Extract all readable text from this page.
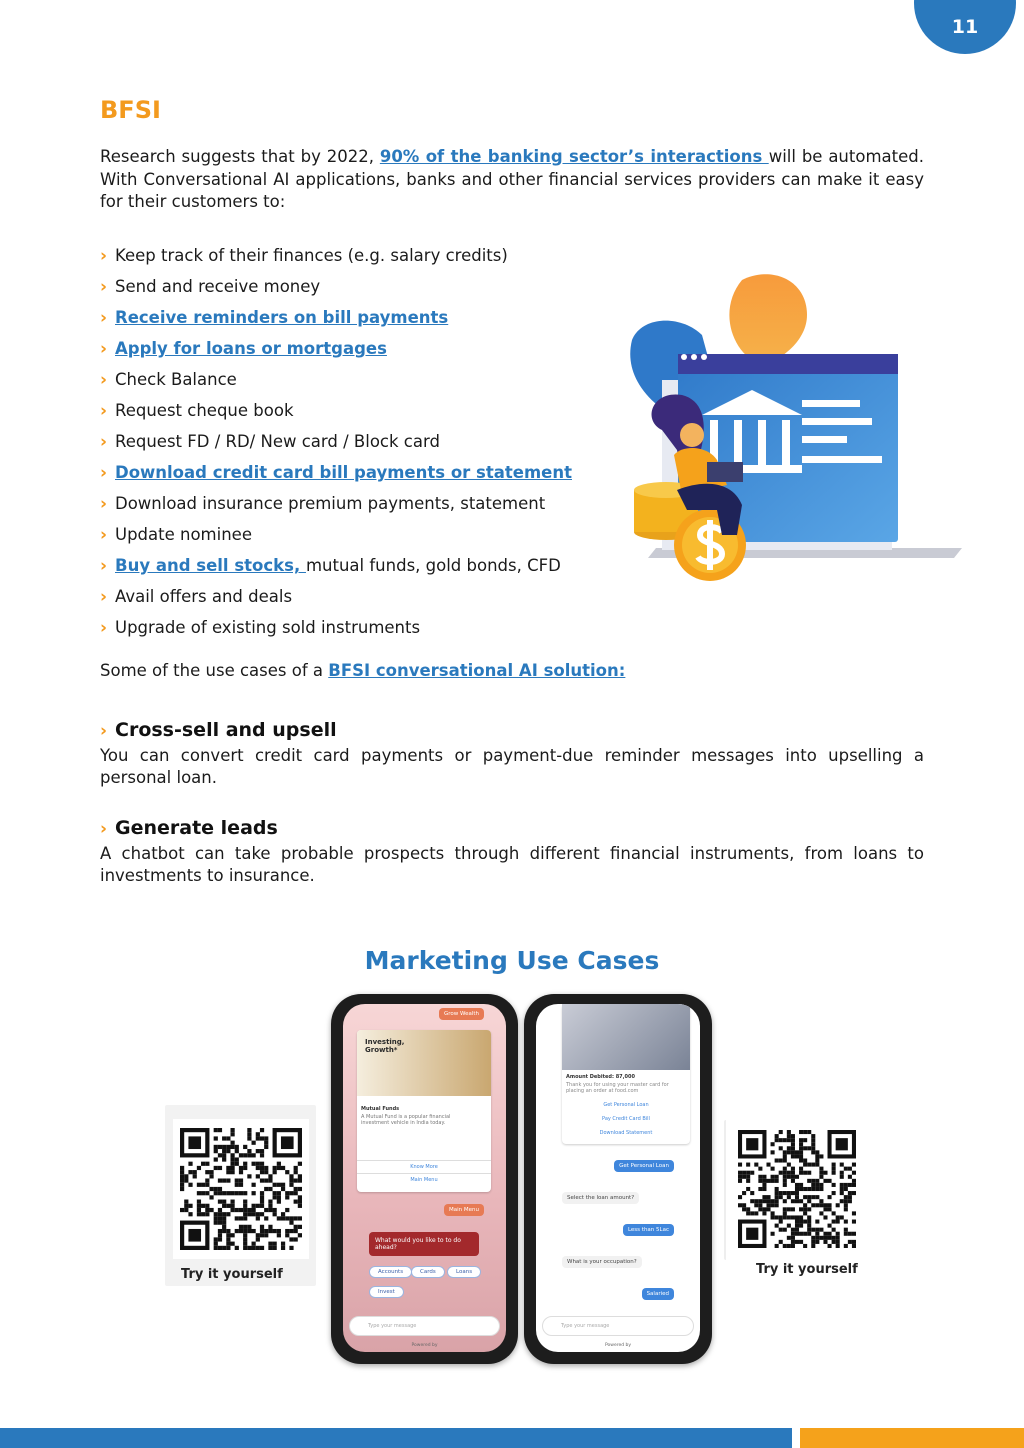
11
BFSI

Research suggests that by 2022, 90% of the banking sector’s interactions will be automated. With Conversational AI applications, banks and other financial services providers can make it easy for their customers to:

› Keep track of their finances (e.g. salary credits)
› Send and receive money
› Receive reminders on bill payments
› Apply for loans or mortgages
› Check Balance
› Request cheque book
› Request FD / RD/ New card / Block card
› Download credit card bill payments or statement
› Download insurance premium payments, statement
› Update nominee
› Buy and sell stocks, mutual funds, gold bonds, CFD
› Avail offers and deals
› Upgrade of existing sold instruments

Some of the use cases of a BFSI conversational AI solution:

› Cross-sell and upsell

You can convert credit card payments or payment-due reminder messages into upselling a personal loan.

› Generate leads

A chatbot can take probable prospects through different financial instruments, from loans to investments to insurance.

Marketing Use Cases
Try it yourself	Try it yourself
Grow Wealth
Investing, Growth*
Mutual Funds
A Mutual Fund is a popular financial investment vehicle in India today.
Know More
Main Menu
Main Menu
What would you like to to do ahead?
Accounts	Cards	Loans
Invest
Type your message
Powered by
Amount Debited: 87,000
Thank you for using your master card for placing an order at food.com
Get Personal Loan
Pay Credit Card Bill
Download Statement
Get Personal Loan
Select the loan amount?
Less than 5Lac
What is your occupation?
Salaried
Type your message
Powered by
